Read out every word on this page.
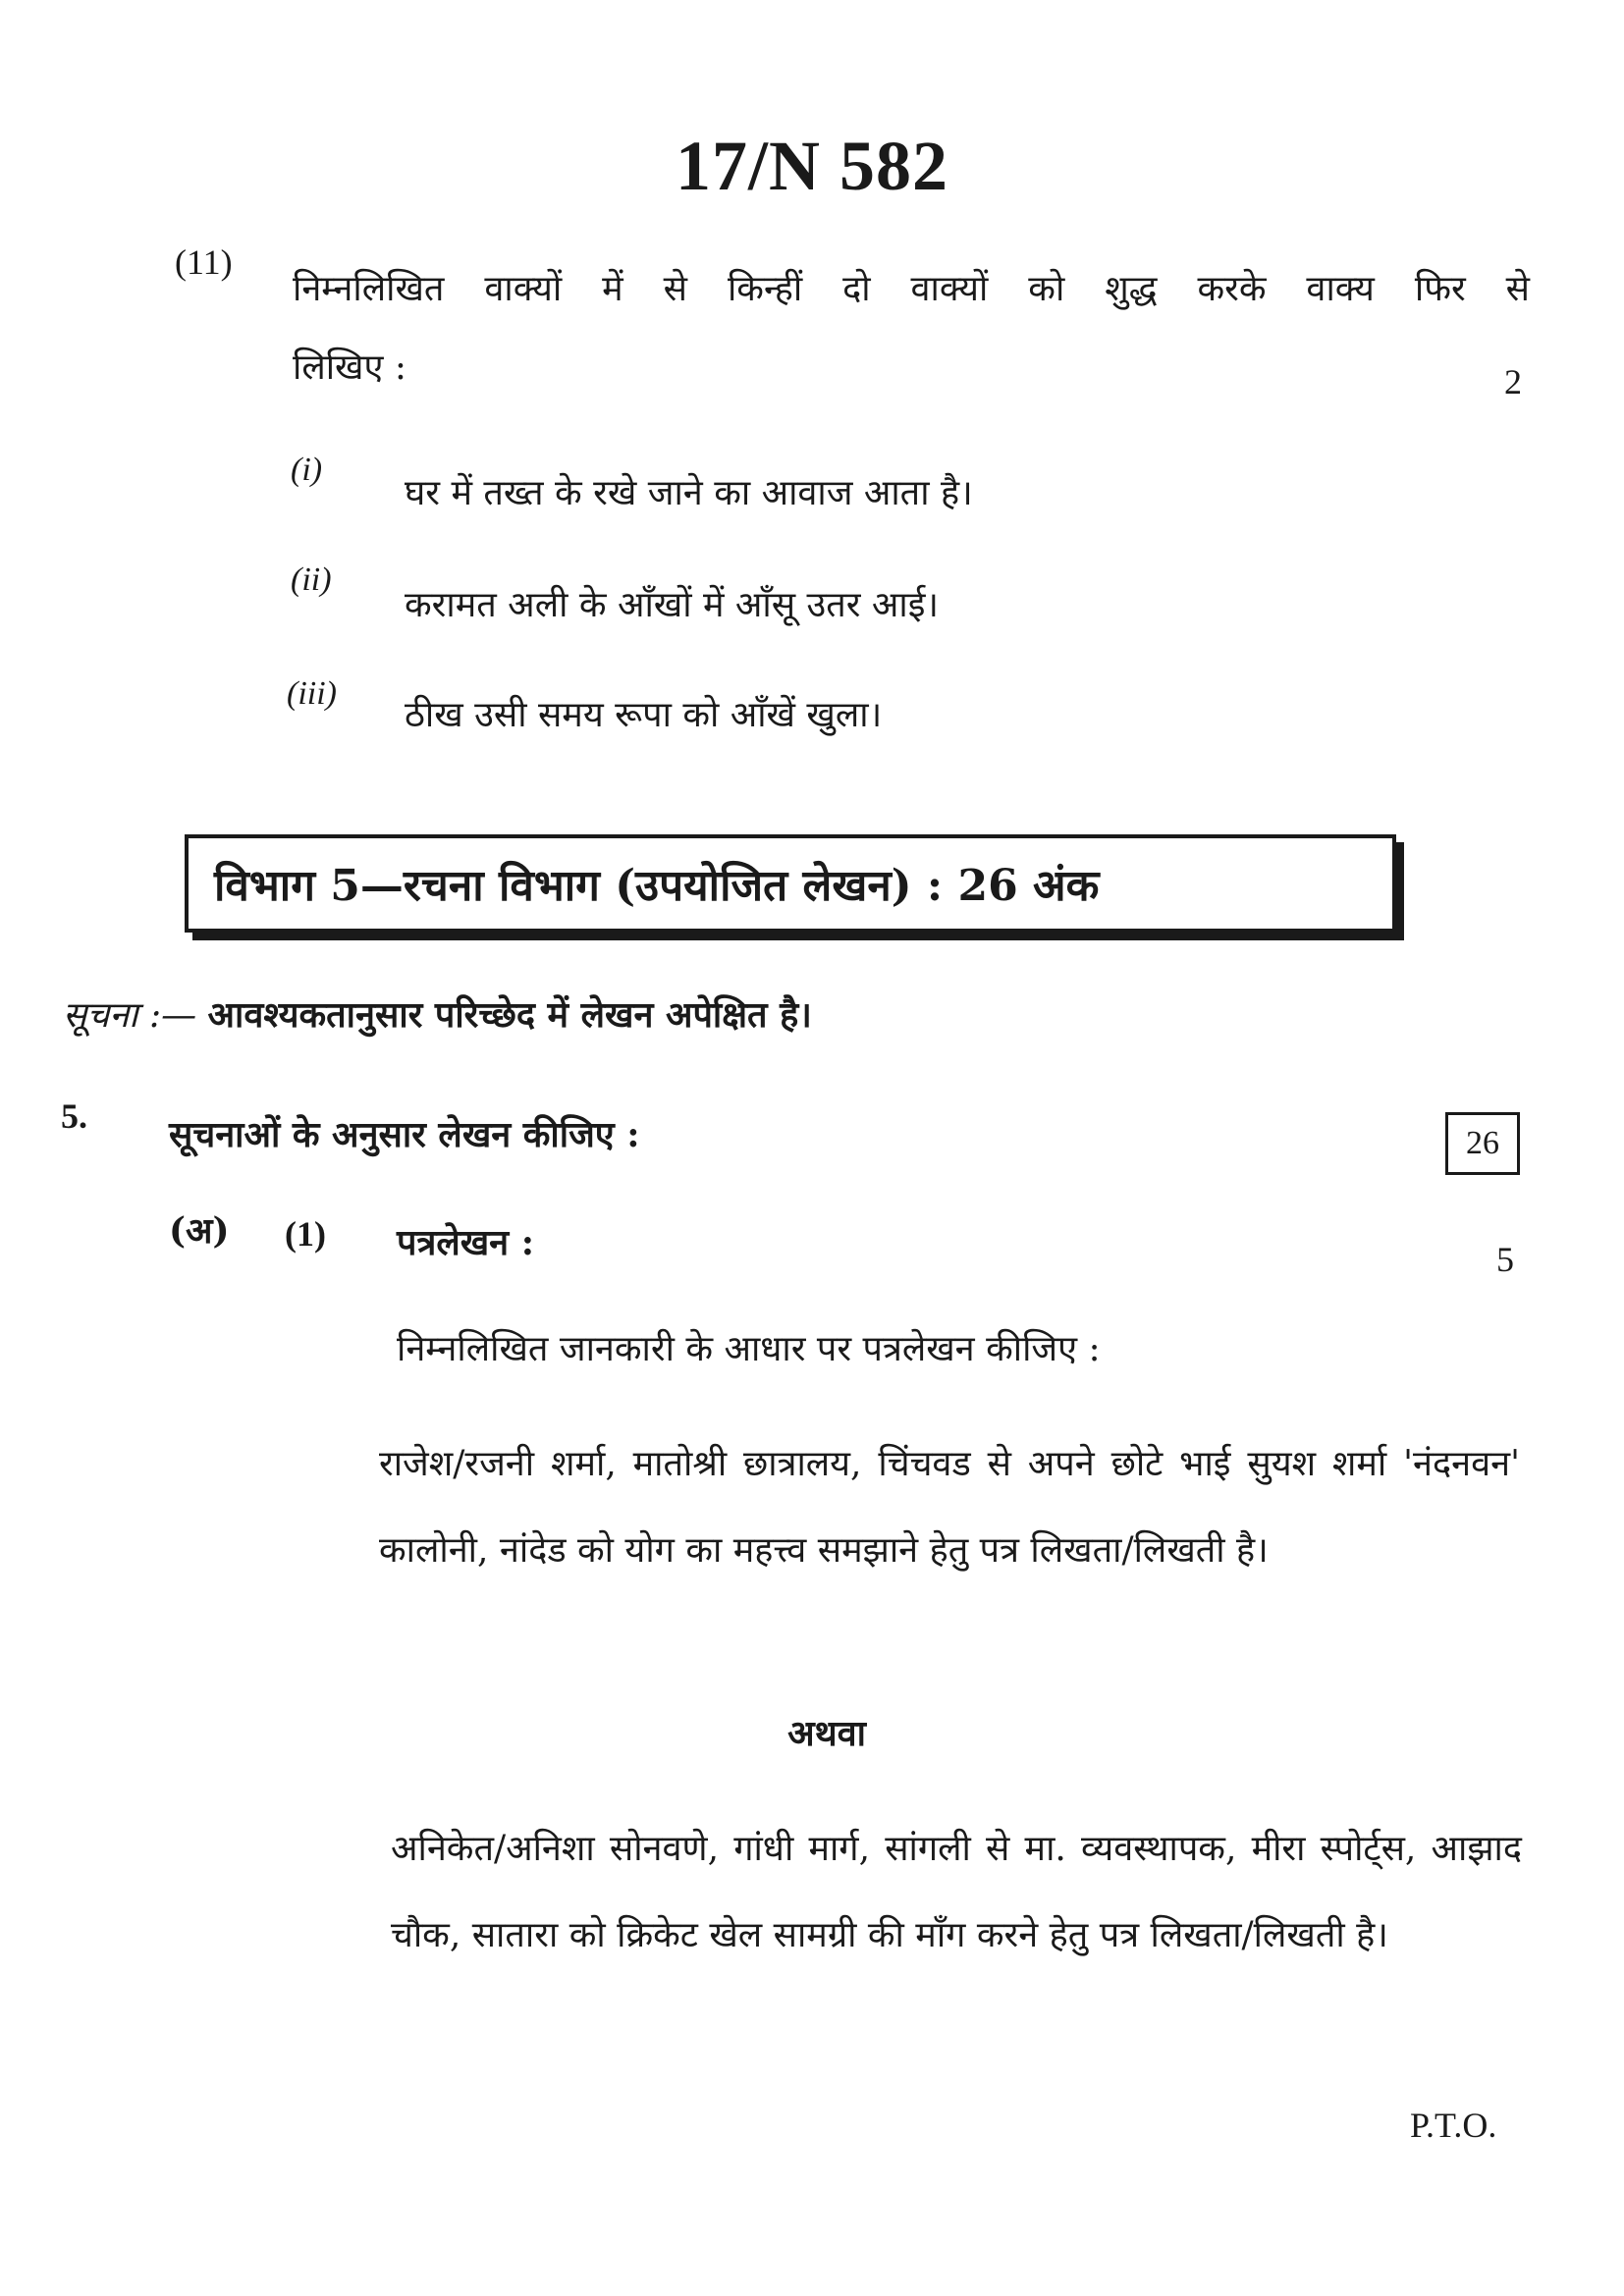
17/N 582
(11)
निम्नलिखित वाक्यों में से किन्हीं दो वाक्यों को शुद्ध करके वाक्य फिर से
लिखिए :	2
(i)
घर में तख्त के रखे जाने का आवाज आता है।
(ii)
करामत अली के आँखों में आँसू उतर आई।
(iii)
ठीख उसी समय रूपा को आँखें खुला।
विभाग 5—रचना विभाग (उपयोजित लेखन) : 26 अंक
सूचना :— आवश्यकतानुसार परिच्छेद में लेखन अपेक्षित है।
5. सूचनाओं के अनुसार लेखन कीजिए :	26
(अ) (1) पत्रलेखन :	5
निम्नलिखित जानकारी के आधार पर पत्रलेखन कीजिए :
राजेश/रजनी शर्मा, मातोश्री छात्रालय, चिंचवड से अपने छोटे भाई सुयश शर्मा 'नंदनवन' कालोनी, नांदेड को योग का महत्त्व समझाने हेतु पत्र लिखता/लिखती है।
अथवा
अनिकेत/अनिशा सोनवणे, गांधी मार्ग, सांगली से मा. व्यवस्थापक, मीरा स्पोर्ट्स, आझाद चौक, सातारा को क्रिकेट खेल सामग्री की माँग करने हेतु पत्र लिखता/लिखती है।
P.T.O.
